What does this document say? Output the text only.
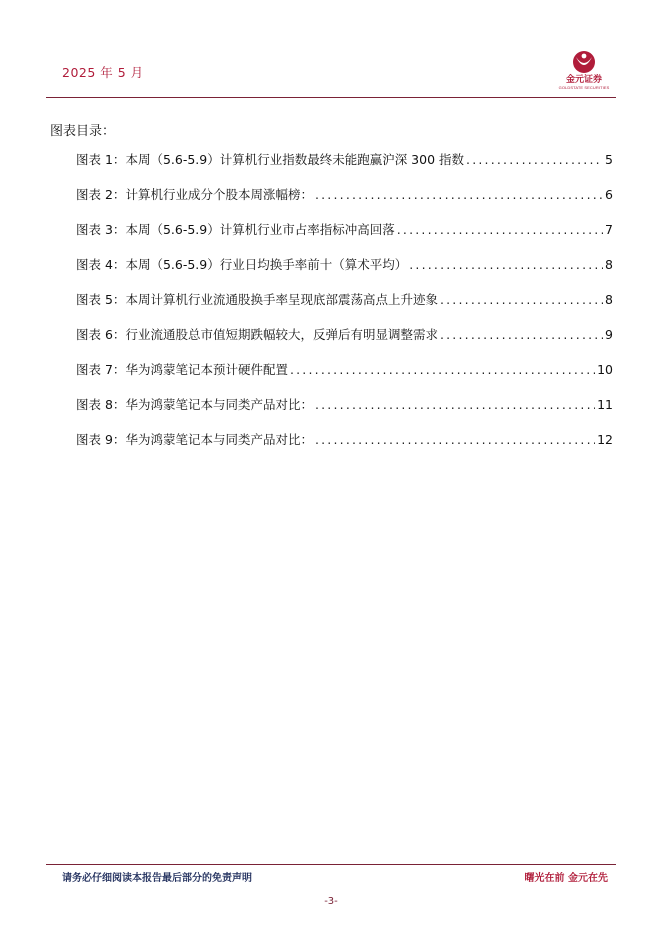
2025 年 5 月	金元证券
GOLDSTATE SECURITIES
图表目录：
图表 1： 本周（5.6-5.9）计算机行业指数最终未能跑赢沪深 300 指数 .....	5
图表 2： 计算机行业成分个股本周涨幅榜： .....	6
图表 3： 本周（5.6-5.9）计算机行业市占率指标冲高回落 .....	7
图表 4： 本周（5.6-5.9）行业日均换手率前十（算术平均） .....	8
图表 5： 本周计算机行业流通股换手率呈现底部震荡高点上升迹象 .....	8
图表 6： 行业流通股总市值短期跌幅较大，反弹后有明显调整需求 .....	9
图表 7： 华为鸿蒙笔记本预计硬件配置 .....	10
图表 8： 华为鸿蒙笔记本与同类产品对比： .....	11
图表 9： 华为鸿蒙笔记本与同类产品对比： .....	12
请务必仔细阅读本报告最后部分的免责声明	曙光在前 金元在先
-3-
